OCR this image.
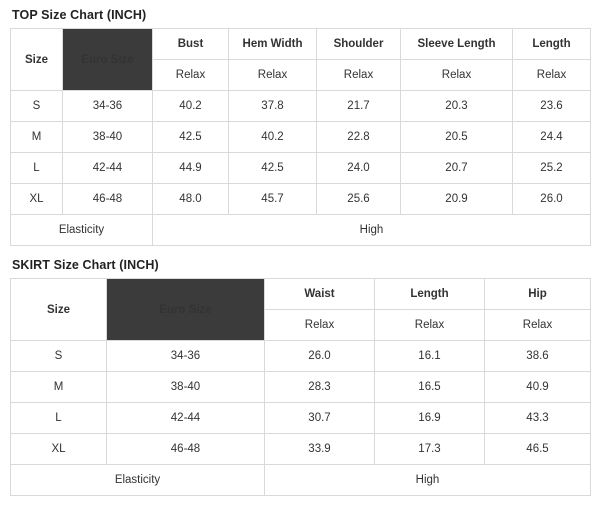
TOP Size Chart (INCH)
Size	Euro Size	Bust	Hem Width	Shoulder	Sleeve Length	Length
		Relax	Relax	Relax	Relax	Relax
S	34-36	40.2	37.8	21.7	20.3	23.6
M	38-40	42.5	40.2	22.8	20.5	24.4
L	42-44	44.9	42.5	24.0	20.7	25.2
XL	46-48	48.0	45.7	25.6	20.9	26.0
Elasticity		High				
SKIRT Size Chart (INCH)
Size	Euro Size	Waist	Length	Hip
		Relax	Relax	Relax
S	34-36	26.0	16.1	38.6
M	38-40	28.3	16.5	40.9
L	42-44	30.7	16.9	43.3
XL	46-48	33.9	17.3	46.5
Elasticity		High		
